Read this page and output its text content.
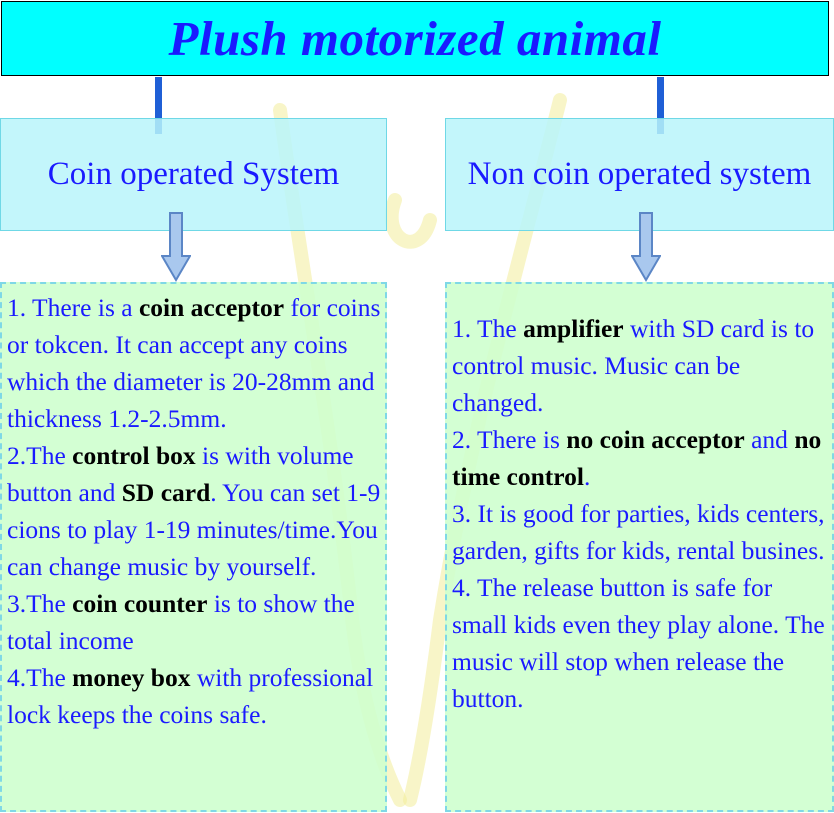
Plush motorized animal
Coin operated System	Non coin operated system

1. There is a coin acceptor for coins or tokcen. It can accept any coins which the diameter is 20-28mm and thickness 1.2-2.5mm.

2.The control box is with volume button and SD card. You can set 1-9 cions to play 1-19 minutes/time.You can change music by yourself.

3.The coin counter is to show the total income

4.The money box with professional lock keeps the coins safe.

1. The amplifier with SD card is to control music. Music can be changed.

2. There is no coin acceptor and no time control.

3. It is good for parties, kids centers, garden, gifts for kids, rental busines.

4. The release button is safe for small kids even they play alone. The music will stop when release the button.
